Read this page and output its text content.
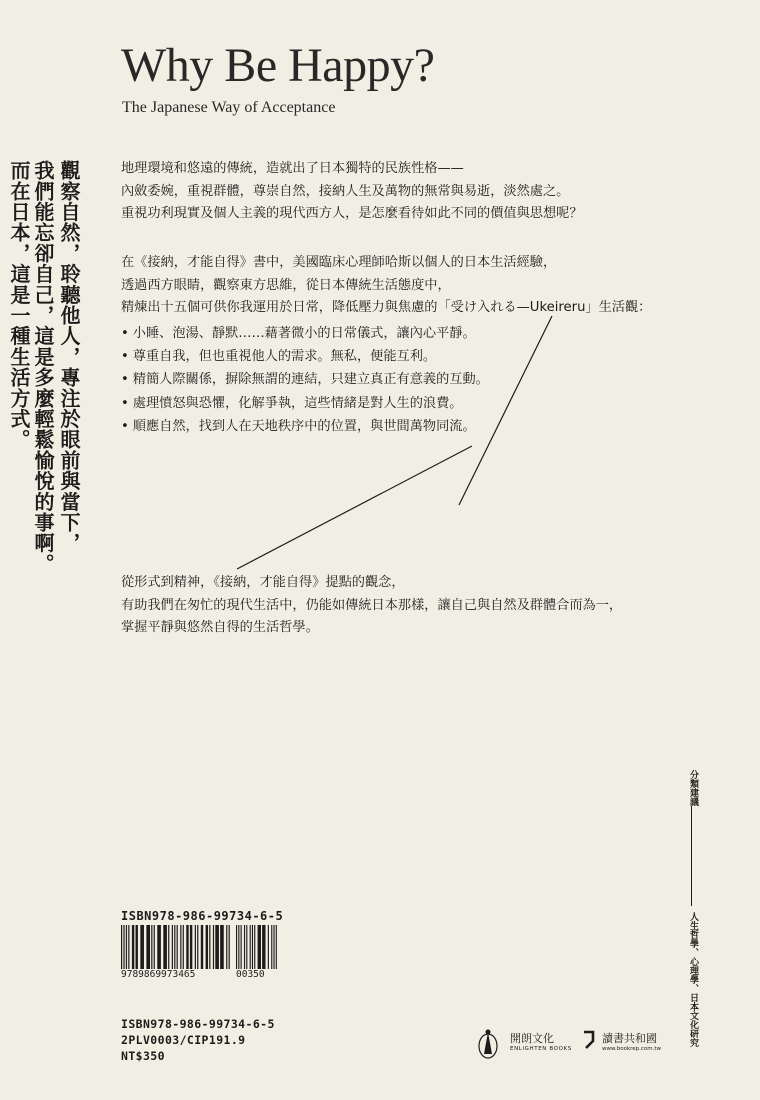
Why Be Happy?
The Japanese Way of Acceptance
觀察自然，聆聽他人，專注於眼前與當下，
我們能忘卻自己，這是多麼輕鬆愉悅的事啊。
而在日本，這是一種生活方式。	地理環境和悠遠的傳統，造就出了日本獨特的民族性格——
內斂委婉，重視群體，尊崇自然，接納人生及萬物的無常與易逝，淡然處之。
重視功利現實及個人主義的現代西方人，是怎麼看待如此不同的價值與思想呢？
在《接納，才能自得》書中，美國臨床心理師哈斯以個人的日本生活經驗，
透過西方眼睛，觀察東方思維，從日本傳統生活態度中，
精煉出十五個可供你我運用於日常，降低壓力與焦慮的「受け入れる—Ukeireru」生活觀：
• 小睡、泡湯、靜默……藉著微小的日常儀式，讓內心平靜。
• 尊重自我，但也重視他人的需求。無私，便能互利。
• 精簡人際關係，摒除無謂的連結，只建立真正有意義的互動。
• 處理憤怒與恐懼，化解爭執，這些情緒是對人生的浪費。
• 順應自然，找到人在天地秩序中的位置，與世間萬物同流。
從形式到精神，《接納，才能自得》提點的觀念，
有助我們在匆忙的現代生活中，仍能如傳統日本那樣，讓自己與自然及群體合而為一，
掌握平靜與悠然自得的生活哲學。
ISBN978-986-99734-6-5
9789869973465	00350
ISBN978-986-99734-6-5
2PLV0003/CIP191.9
NT$350
分類建議
人生哲學、心理學、日本文化研究
開朗文化
ENLIGHTEN BOOKS
讀書共和國
www.bookrep.com.tw
